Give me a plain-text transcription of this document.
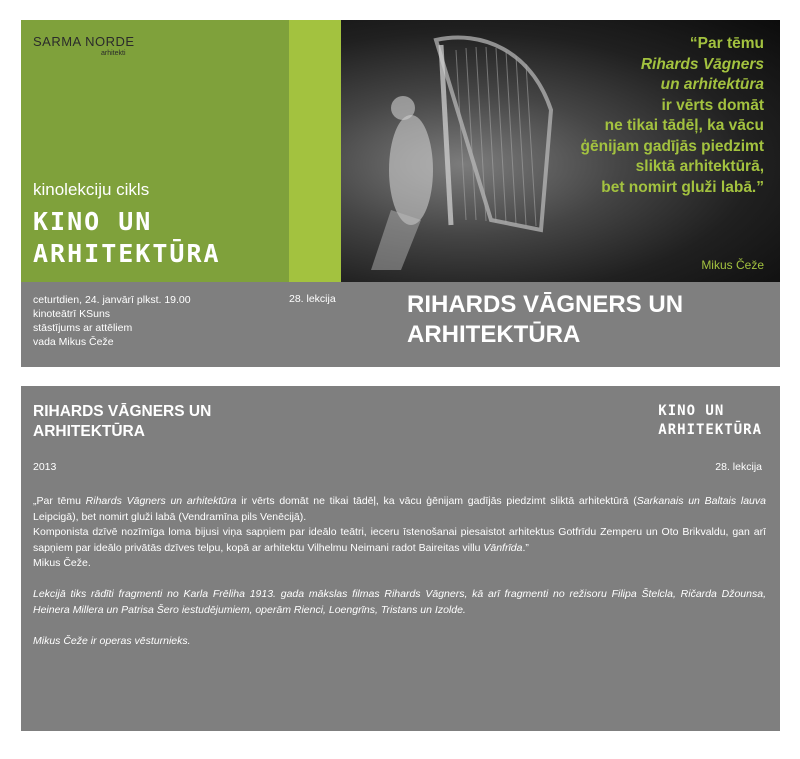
SARMA NORDE
arhitekti
kinolekciju cikls
KINO UN
ARHITEKTŪRA
“Par tēmu
Rihards Vāgners
un arhitektūra
ir vērts domāt
ne tikai tādēļ, ka vācu
ģēnijam gadījās piedzimt
sliktā arhitektūrā,
bet nomirt gluži labā.”
Mikus Čeže
ceturtdien, 24. janvārī plkst. 19.00
kinoteātrī KSuns
stāstījums ar attēliem
vada Mikus Čeže
28. lekcija	RIHARDS VĀGNERS UN
ARHITEKTŪRA
RIHARDS VĀGNERS UN
ARHITEKTŪRA
KINO UN
ARHITEKTŪRA
2013	28. lekcija

„Par tēmu Rihards Vāgners un arhitektūra ir vērts domāt ne tikai tādēļ, ka vācu ģēnijam gadījās piedzimt sliktā arhitektūrā (Sarkanais un Baltais lauva Leipcigā), bet nomirt gluži labā (Vendramīna pils Venēcijā).

Komponista dzīvē nozīmīga loma bijusi viņa sapņiem par ideālo teātri, ieceru īstenošanai piesaistot arhitektus Gotfrīdu Zemperu un Oto Brikvaldu, gan arī sapņiem par ideālo privātās dzīves telpu, kopā ar arhitektu Vilhelmu Neimani radot Baireitas villu Vānfrīda.”

Mikus Čeže.

Lekcijā tiks rādīti fragmenti no Karla Frēliha 1913. gada mākslas filmas Rihards Vāgners, kā arī fragmenti no režisoru Filipa Štelcla, Ričarda Džounsa, Heinera Millera un Patrisa Šero iestudējumiem, operām Rienci, Loengrīns, Tristans un Izolde.

Mikus Čeže ir operas vēsturnieks.
